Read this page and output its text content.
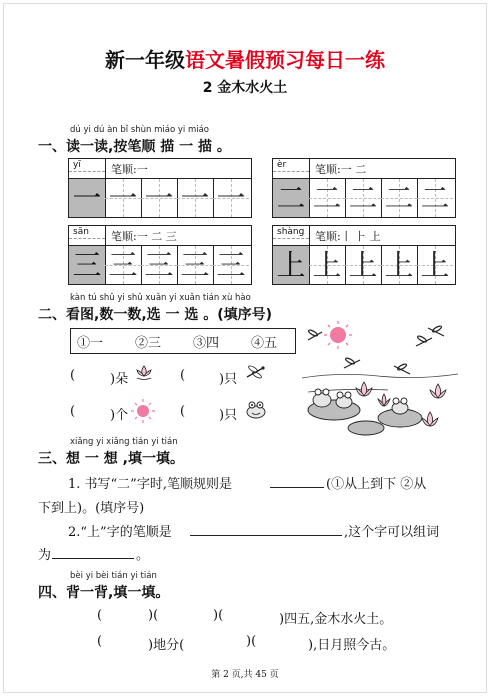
新一年级语文暑假预习每日一练
2 金木水火土
dú yi dú àn bǐ shùn miáo yi miáo
一、读一读,按笔顺 描 一 描 。
yī	笔顺:一
一 一 一 一 一
èr	笔顺:一 二
二 二 二 二 二
sān 笔顺:一 二 三
三 三 三 三 三
shàng 笔顺:丨 ⺊ 上
上 上 上 上 上
kàn tú shǔ yi shǔ xuǎn yi xuǎn tián xù hào
二、看图,数一数,选 一 选 。(填序号)
①一 ②三 ③四 ④五
(	)朵	(	)只
(	)个	(	)只
xiǎng yi xiǎng tián yi tián
三、想 一 想 ,填一填。
1. 书写“二”字时,笔顺规则是	(①从上到下 ②从
下到上)。(填序号)
2.“上”字的笔顺是	,这个字可以组词
为	。
bèi yi bèi tián yi tián
四、背一背,填一填。
(	)(	)(	)四五,金木水火土。
(	)地分(	)(	),日月照今古。
第 2 页,共 45 页
